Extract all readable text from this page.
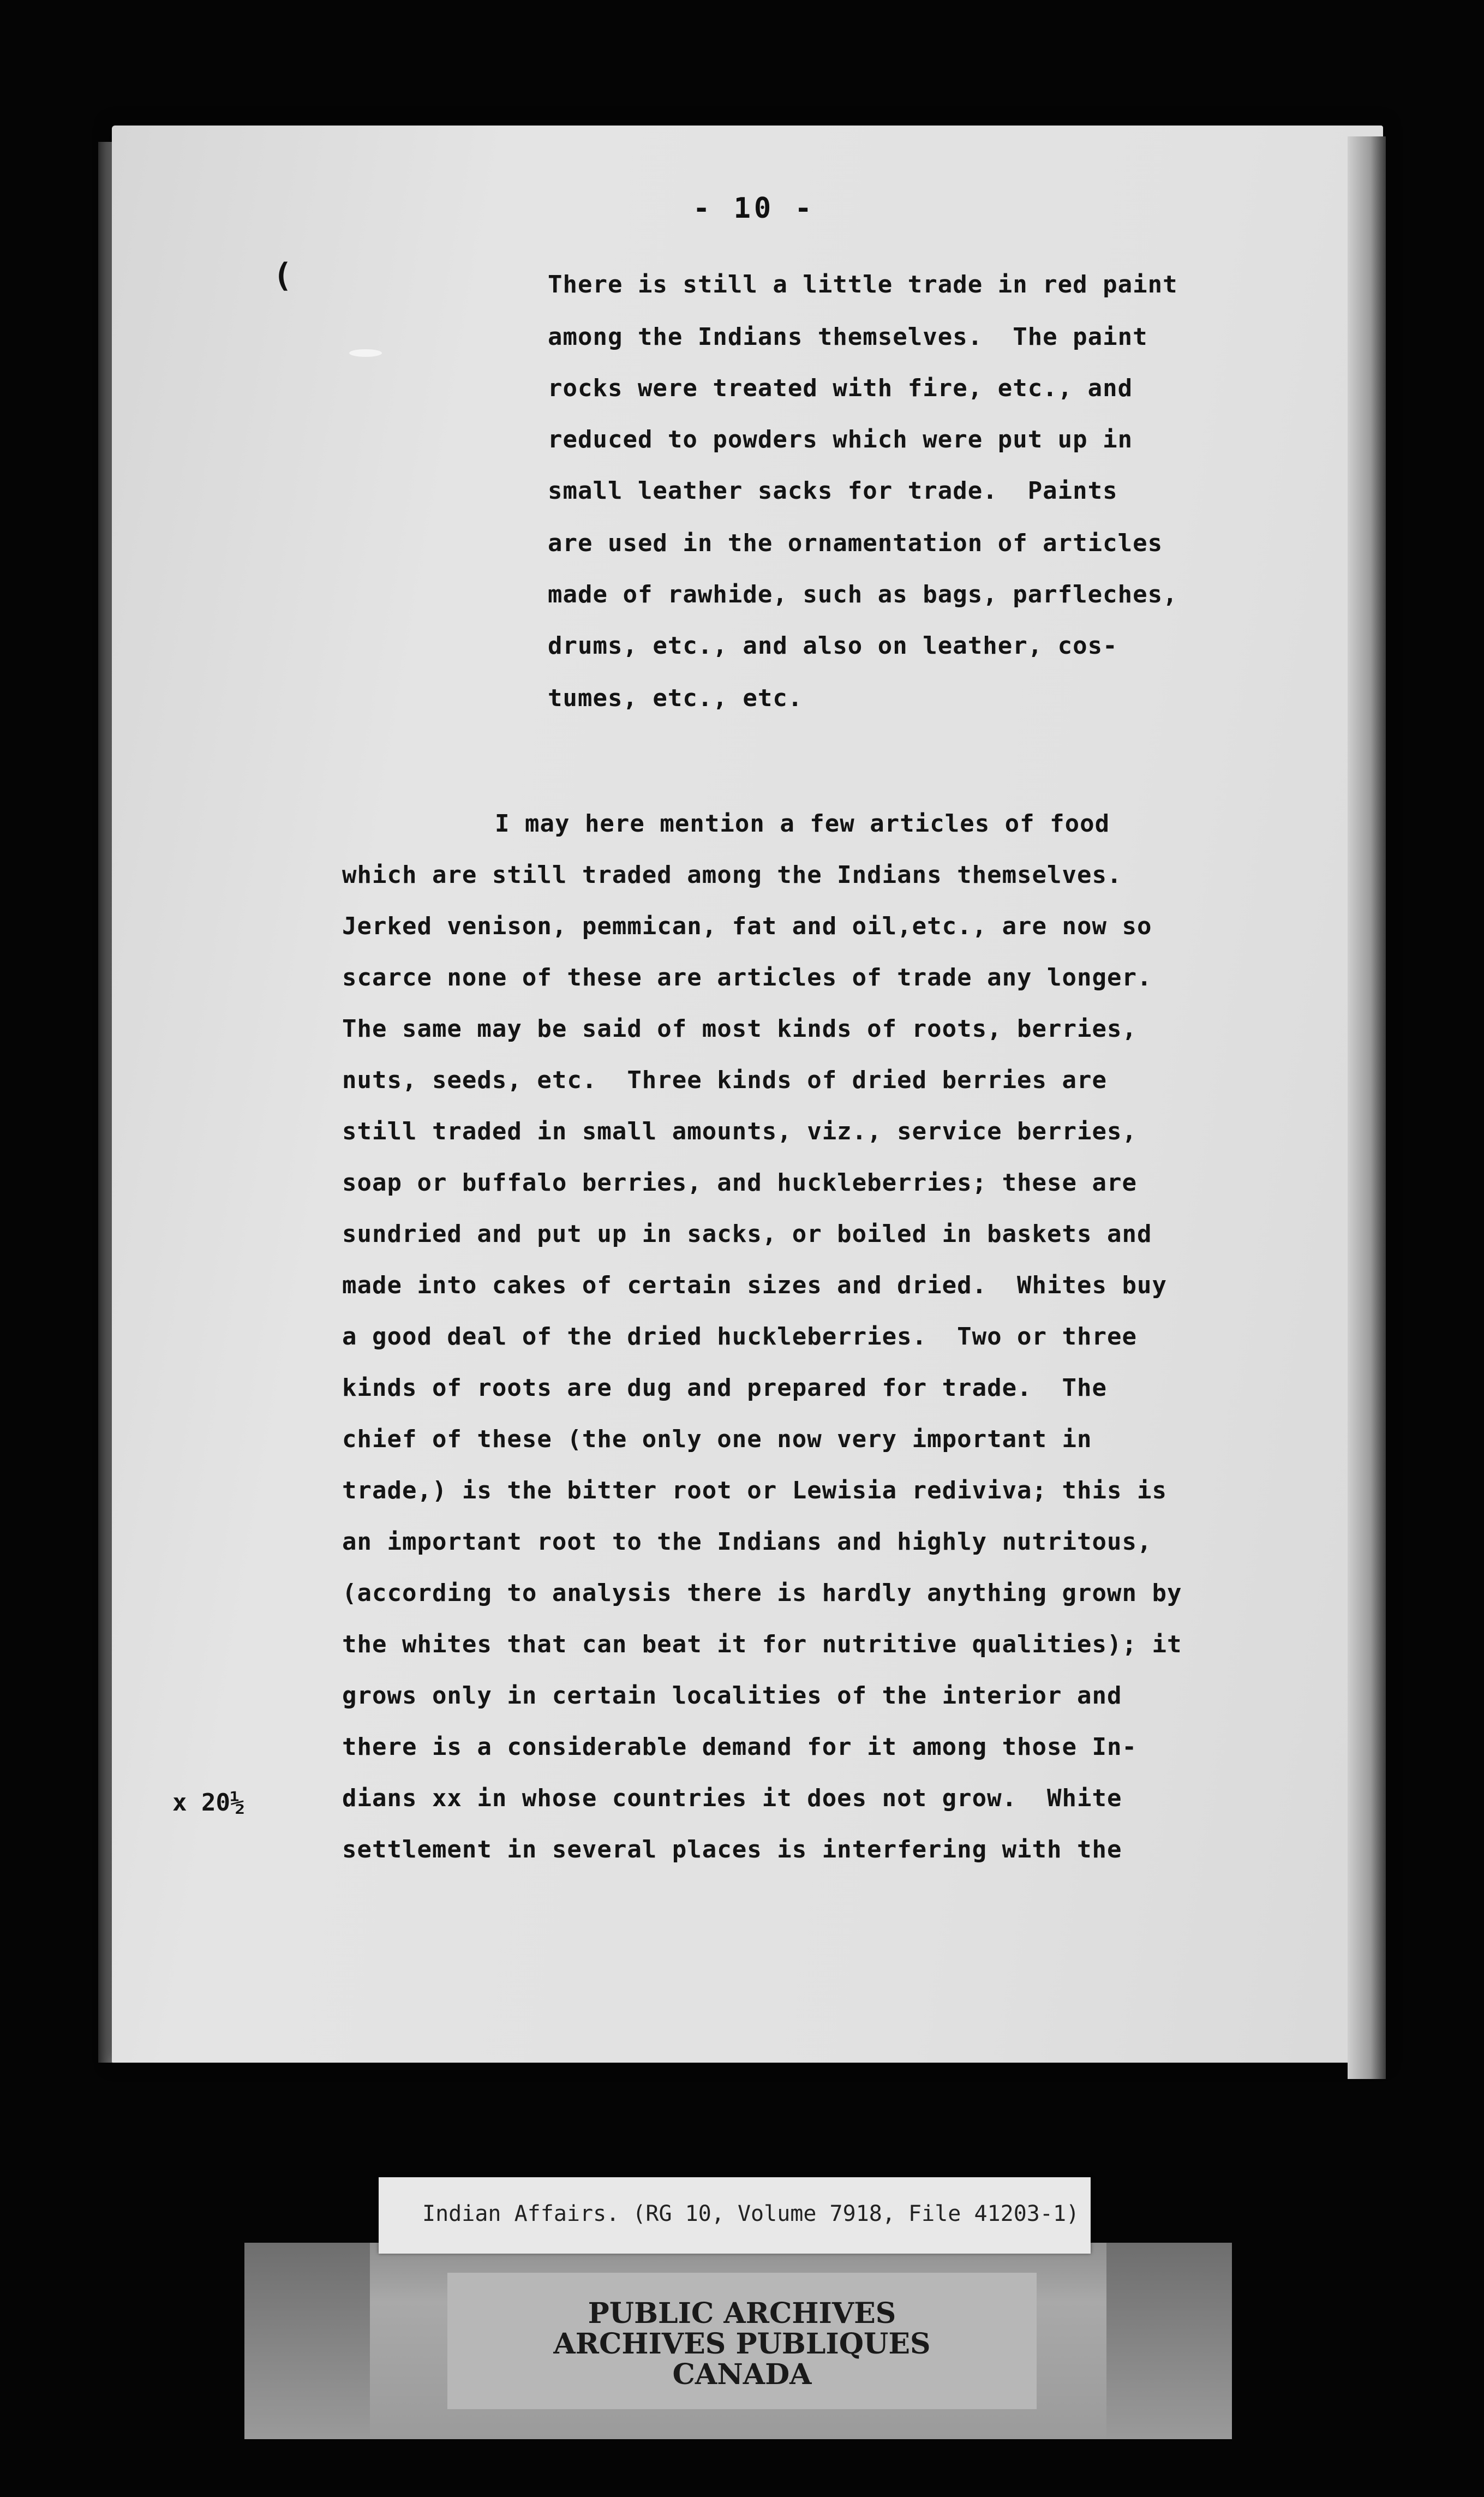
- 10 -
(	There is still a little trade in red paint
among the Indians themselves.  The paint
rocks were treated with fire, etc., and
reduced to powders which were put up in
small leather sacks for trade.  Paints
are used in the ornamentation of articles
made of rawhide, such as bags, parfleches,
drums, etc., and also on leather, cos-
tumes, etc., etc.
I may here mention a few articles of food
which are still traded among the Indians themselves.
Jerked venison, pemmican, fat and oil,etc., are now so
scarce none of these are articles of trade any longer.
The same may be said of most kinds of roots, berries,
nuts, seeds, etc.  Three kinds of dried berries are
still traded in small amounts, viz., service berries,
soap or buffalo berries, and huckleberries; these are
sundried and put up in sacks, or boiled in baskets and
made into cakes of certain sizes and dried.  Whites buy
a good deal of the dried huckleberries.  Two or three
kinds of roots are dug and prepared for trade.  The
chief of these (the only one now very important in
trade,) is the bitter root or Lewisia rediviva; this is
an important root to the Indians and highly nutritous,
(according to analysis there is hardly anything grown by
the whites that can beat it for nutritive qualities); it
grows only in certain localities of the interior and
there is a considerable demand for it among those In-
dians xx in whose countries it does not grow.  White
settlement in several places is interfering with the
x 20½
PUBLIC ARCHIVES
ARCHIVES PUBLIQUES
CANADA
Indian Affairs. (RG 10, Volume 7918, File 41203-1)
